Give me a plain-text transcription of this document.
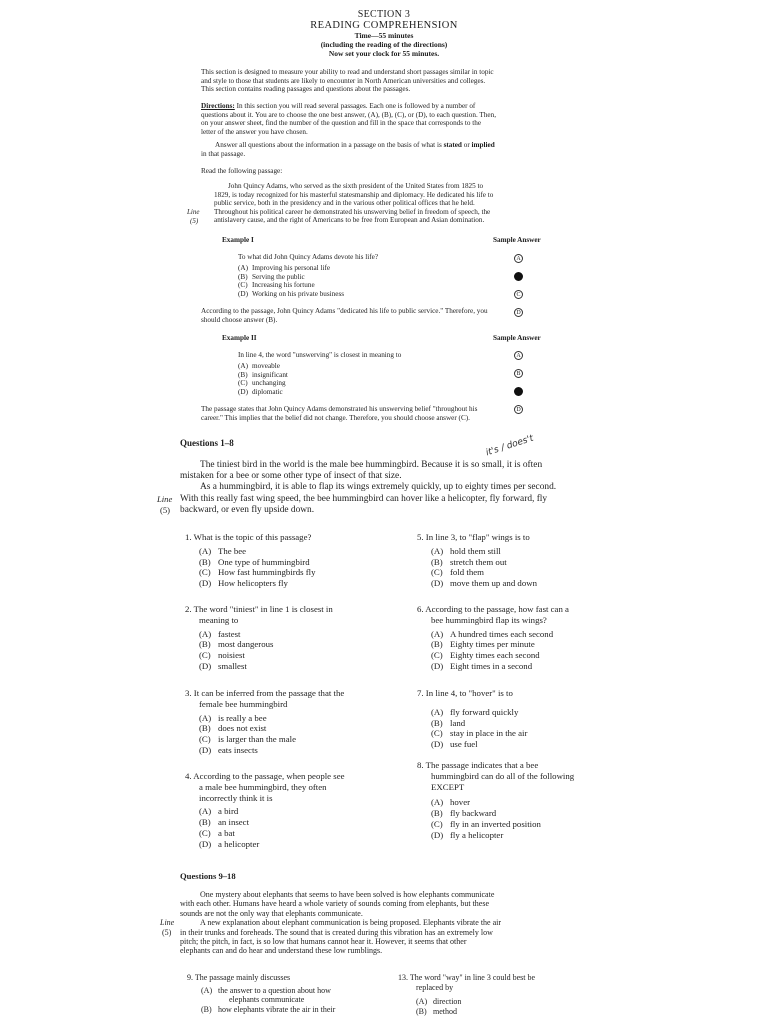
SECTION 3
READING COMPREHENSION
Time—55 minutes
(including the reading of the directions)
Now set your clock for 55 minutes.
This section is designed to measure your ability to read and understand short passages similar in topic
and style to those that students are likely to encounter in North American universities and colleges.
This section contains reading passages and questions about the passages.
Directions: In this section you will read several passages. Each one is followed by a number of
questions about it. You are to choose the one best answer, (A), (B), (C), or (D), to each question. Then,
on your answer sheet, find the number of the question and fill in the space that corresponds to the
letter of the answer you have chosen.
Answer all questions about the information in a passage on the basis of what is stated or implied
in that passage.
Read the following passage:
John Quincy Adams, who served as the sixth president of the United States from 1825 to
1829, is today recognized for his masterful statesmanship and diplomacy. He dedicated his life to
public service, both in the presidency and in the various other political offices that he held.
Throughout his political career he demonstrated his unswerving belief in freedom of speech, the
antislavery cause, and the right of Americans to be free from European and Asian domination.
Line
(5)
Example I	Sample Answer
To what did John Quincy Adams devote his life?
(A) Improving his personal life
(B) Serving the public
(C) Increasing his fortune
(D) Working on his private business
A  C D
According to the passage, John Quincy Adams "dedicated his life to public service." Therefore, you
should choose answer (B).
Example II	Sample Answer
In line 4, the word "unswerving" is closest in meaning to
(A) moveable
(B) insignificant
(C) unchanging
(D) diplomatic
A B  D
The passage states that John Quincy Adams demonstrated his unswerving belief "throughout his
career." This implies that the belief did not change. Therefore, you should choose answer (C).
Questions 1–8	it's / does't
The tiniest bird in the world is the male bee hummingbird. Because it is so small, it is often
mistaken for a bee or some other type of insect of that size.
As a hummingbird, it is able to flap its wings extremely quickly, up to eighty times per second.
With this really fast wing speed, the bee hummingbird can hover like a helicopter, fly forward, fly
backward, or even fly upside down.
Line
(5)
1. What is the topic of this passage?
(A) The bee
(B) One type of hummingbird
(C) How fast hummingbirds fly
(D) How helicopters fly
2. The word "tiniest" in line 1 is closest in
meaning to
(A) fastest
(B) most dangerous
(C) noisiest
(D) smallest
3. It can be inferred from the passage that the
female bee hummingbird
(A) is really a bee
(B) does not exist
(C) is larger than the male
(D) eats insects
4. According to the passage, when people see
a male bee hummingbird, they often
incorrectly think it is
(A) a bird
(B) an insect
(C) a bat
(D) a helicopter
5. In line 3, to "flap" wings is to
(A) hold them still
(B) stretch them out
(C) fold them
(D) move them up and down
6. According to the passage, how fast can a
bee hummingbird flap its wings?
(A) A hundred times each second
(B) Eighty times per minute
(C) Eighty times each second
(D) Eight times in a second
7. In line 4, to "hover" is to
(A) fly forward quickly
(B) land
(C) stay in place in the air
(D) use fuel
8. The passage indicates that a bee
hummingbird can do all of the following
EXCEPT
(A) hover
(B) fly backward
(C) fly in an inverted position
(D) fly a helicopter
Questions 9–18
One mystery about elephants that seems to have been solved is how elephants communicate
with each other. Humans have heard a whole variety of sounds coming from elephants, but these
sounds are not the only way that elephants communicate.
A new explanation about elephant communication is being proposed. Elephants vibrate the air
in their trunks and foreheads. The sound that is created during this vibration has an extremely low
pitch; the pitch, in fact, is so low that humans cannot hear it. However, it seems that other
elephants can and do hear and understand these low rumblings.
Line
(5)
9. The passage mainly discusses
(A) the answer to a question about how
elephants communicate
(B) how elephants vibrate the air in their
13. The word "way" in line 3 could best be
replaced by
(A) direction
(B) method
